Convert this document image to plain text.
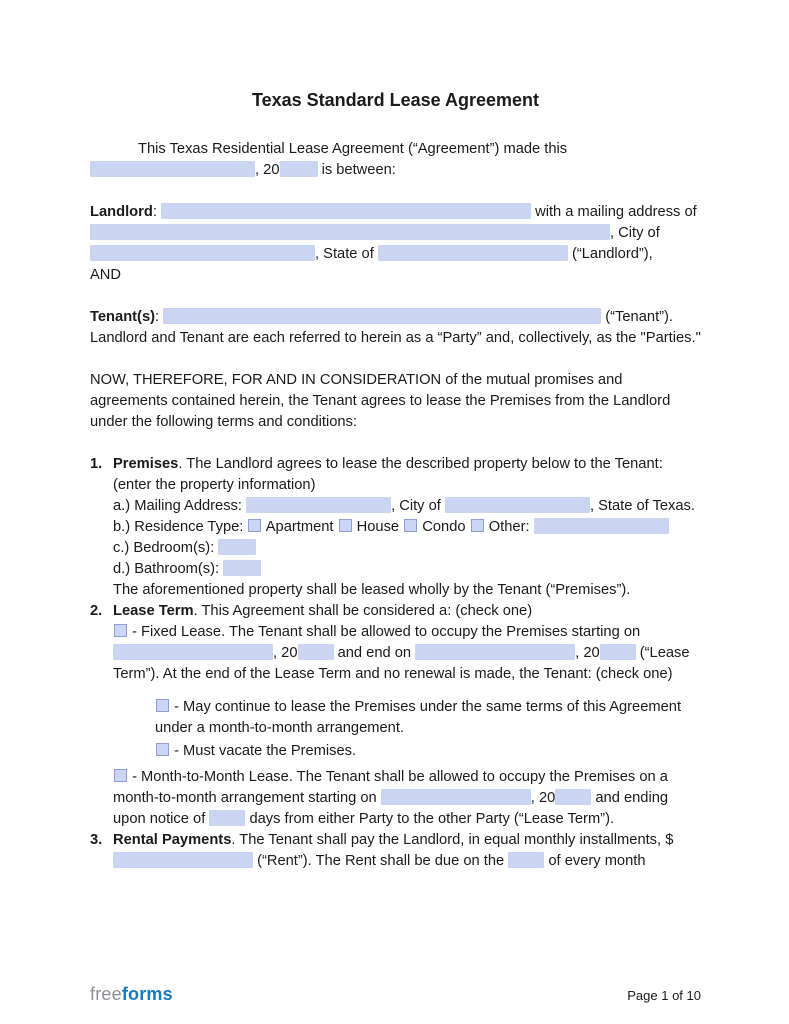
Texas Standard Lease Agreement

This Texas Residential Lease Agreement (“Agreement”) made this , 20	is between:

Landlord:	with a mailing address of , City of , State of	(“Landlord”),
AND

Tenant(s):	(“Tenant”). Landlord and Tenant are each referred to herein as a “Party” and, collectively, as the "Parties."

NOW, THEREFORE, FOR AND IN CONSIDERATION of the mutual promises and agreements contained herein, the Tenant agrees to lease the Premises from the Landlord under the following terms and conditions:

1. Premises. The Landlord agrees to lease the described property below to the Tenant: (enter the property information)
a.) Mailing Address:	, City of	, State of Texas.
b.) Residence Type:  Apartment  House  Condo  Other:
c.) Bedroom(s):
d.) Bathroom(s):
The aforementioned property shall be leased wholly by the Tenant (“Premises”).
2. Lease Term. This Agreement shall be considered a: (check one)
- Fixed Lease. The Tenant shall be allowed to occupy the Premises starting on , 20 and end on	, 20 (“Lease Term”). At the end of the Lease Term and no renewal is made, the Tenant: (check one)
- May continue to lease the Premises under the same terms of this Agreement under a month-to-month arrangement.
- Must vacate the Premises.
- Month-to-Month Lease. The Tenant shall be allowed to occupy the Premises on a month-to-month arrangement starting on	, 20 and ending upon notice of  days from either Party to the other Party (“Lease Term”).
3. Rental Payments. The Tenant shall pay the Landlord, in equal monthly installments, $ (“Rent”). The Rent shall be due on the  of every month
freeforms	Page 1 of 10
